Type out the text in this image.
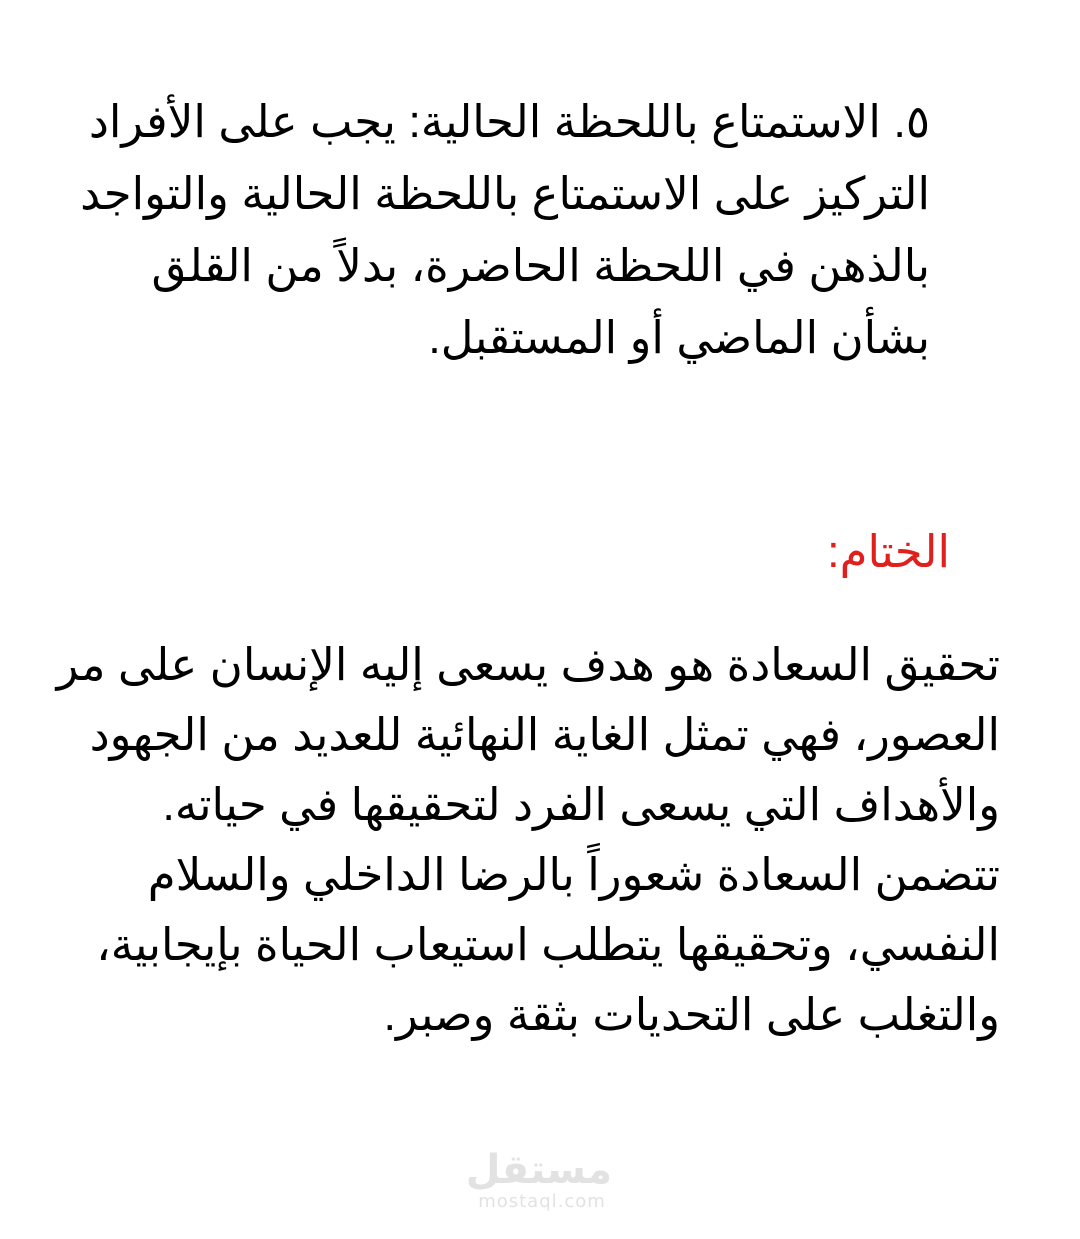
٥. الاستمتاع باللحظة الحالية: يجب على الأفراد
التركيز على الاستمتاع باللحظة الحالية والتواجد
بالذهن في اللحظة الحاضرة، بدلاً من القلق
بشأن الماضي أو المستقبل.
الختام:
تحقيق السعادة هو هدف يسعى إليه الإنسان على مر
العصور، فهي تمثل الغاية النهائية للعديد من الجهود
والأهداف التي يسعى الفرد لتحقيقها في حياته.
تتضمن السعادة شعوراً بالرضا الداخلي والسلام
النفسي، وتحقيقها يتطلب استيعاب الحياة بإيجابية،
والتغلب على التحديات بثقة وصبر.
مستقل
mostaql.com
